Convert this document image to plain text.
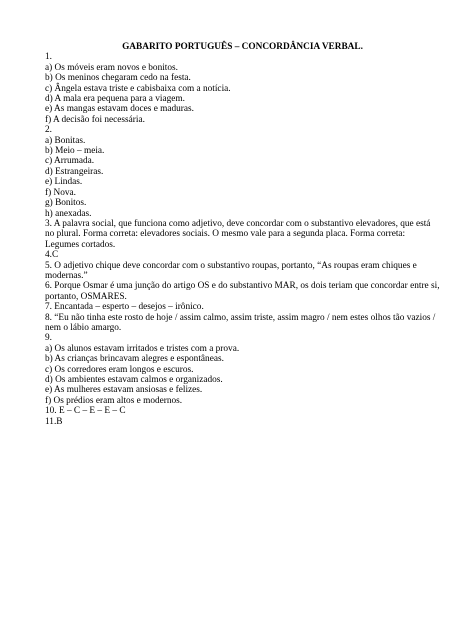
GABARITO PORTUGUÊS – CONCORDÂNCIA VERBAL.

1.

a) Os móveis eram novos e bonitos.

b) Os meninos chegaram cedo na festa.

c) Ângela estava triste e cabisbaixa com a notícia.

d) A mala era pequena para a viagem.

e) As mangas estavam doces e maduras.

f) A decisão foi necessária.

2.

a) Bonitas.

b) Meio – meia.

c) Arrumada.

d) Estrangeiras.

e) Lindas.

f) Nova.

g) Bonitos.

h) anexadas.

3. A palavra social, que funciona como adjetivo, deve concordar com o substantivo elevadores, que está no plural. Forma correta: elevadores sociais. O mesmo vale para a segunda placa. Forma correta: Legumes cortados.

4.C

5. O adjetivo chique deve concordar com o substantivo roupas, portanto, “As roupas eram chiques e modernas.”

6. Porque Osmar é uma junção do artigo OS e do substantivo MAR, os dois teriam que concordar entre si, portanto, OSMARES.

7. Encantada – esperto – desejos – irônico.

8. “Eu não tinha este rosto de hoje / assim calmo, assim triste, assim magro / nem estes olhos tão vazios / nem o lábio amargo.

9.

a) Os alunos estavam irritados e tristes com a prova.

b) As crianças brincavam alegres e espontâneas.

c) Os corredores eram longos e escuros.

d) Os ambientes estavam calmos e organizados.

e) As mulheres estavam ansiosas e felizes.

f) Os prédios eram altos e modernos.

10. E – C – E – E – C

11.B
